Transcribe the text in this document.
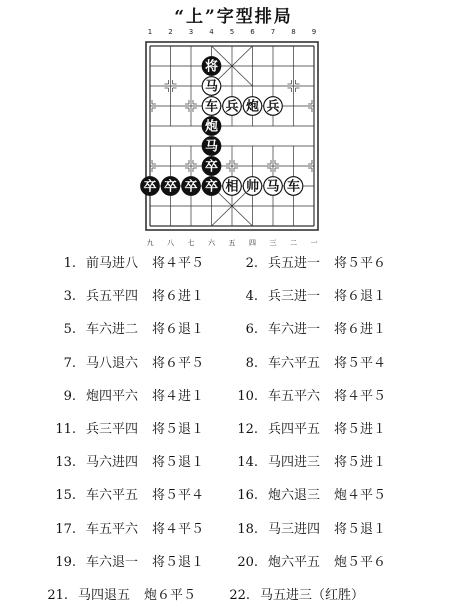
“上”字型排局
1 2 3 4 5 6 7 8 9
九 八 七 六 五 四 三 二 一
将
马
车 兵 炮 兵
炮
马
卒
卒 卒 卒 卒 相 帅 马 车
1. 前马进八 将４平５	2. 兵五进一 将５平６
3. 兵五平四 将６进１	4. 兵三进一 将６退１
5. 车六进二 将６退１	6. 车六进一 将６进１
7. 马八退六 将６平５	8. 车六平五 将５平４
9. 炮四平六 将４进１	10. 车五平六 将４平５
11. 兵三平四 将５退１	12. 兵四平五 将５进１
13. 马六进四 将５退１	14. 马四进三 将５进１
15. 车六平五 将５平４	16. 炮六退三 炮４平５
17. 车五平六 将４平５	18. 马三进四 将５退１
19. 车六退一 将５退１	20. 炮六平五 炮５平６
21. 马四退五 炮６平５	22. 马五进三（红胜）
